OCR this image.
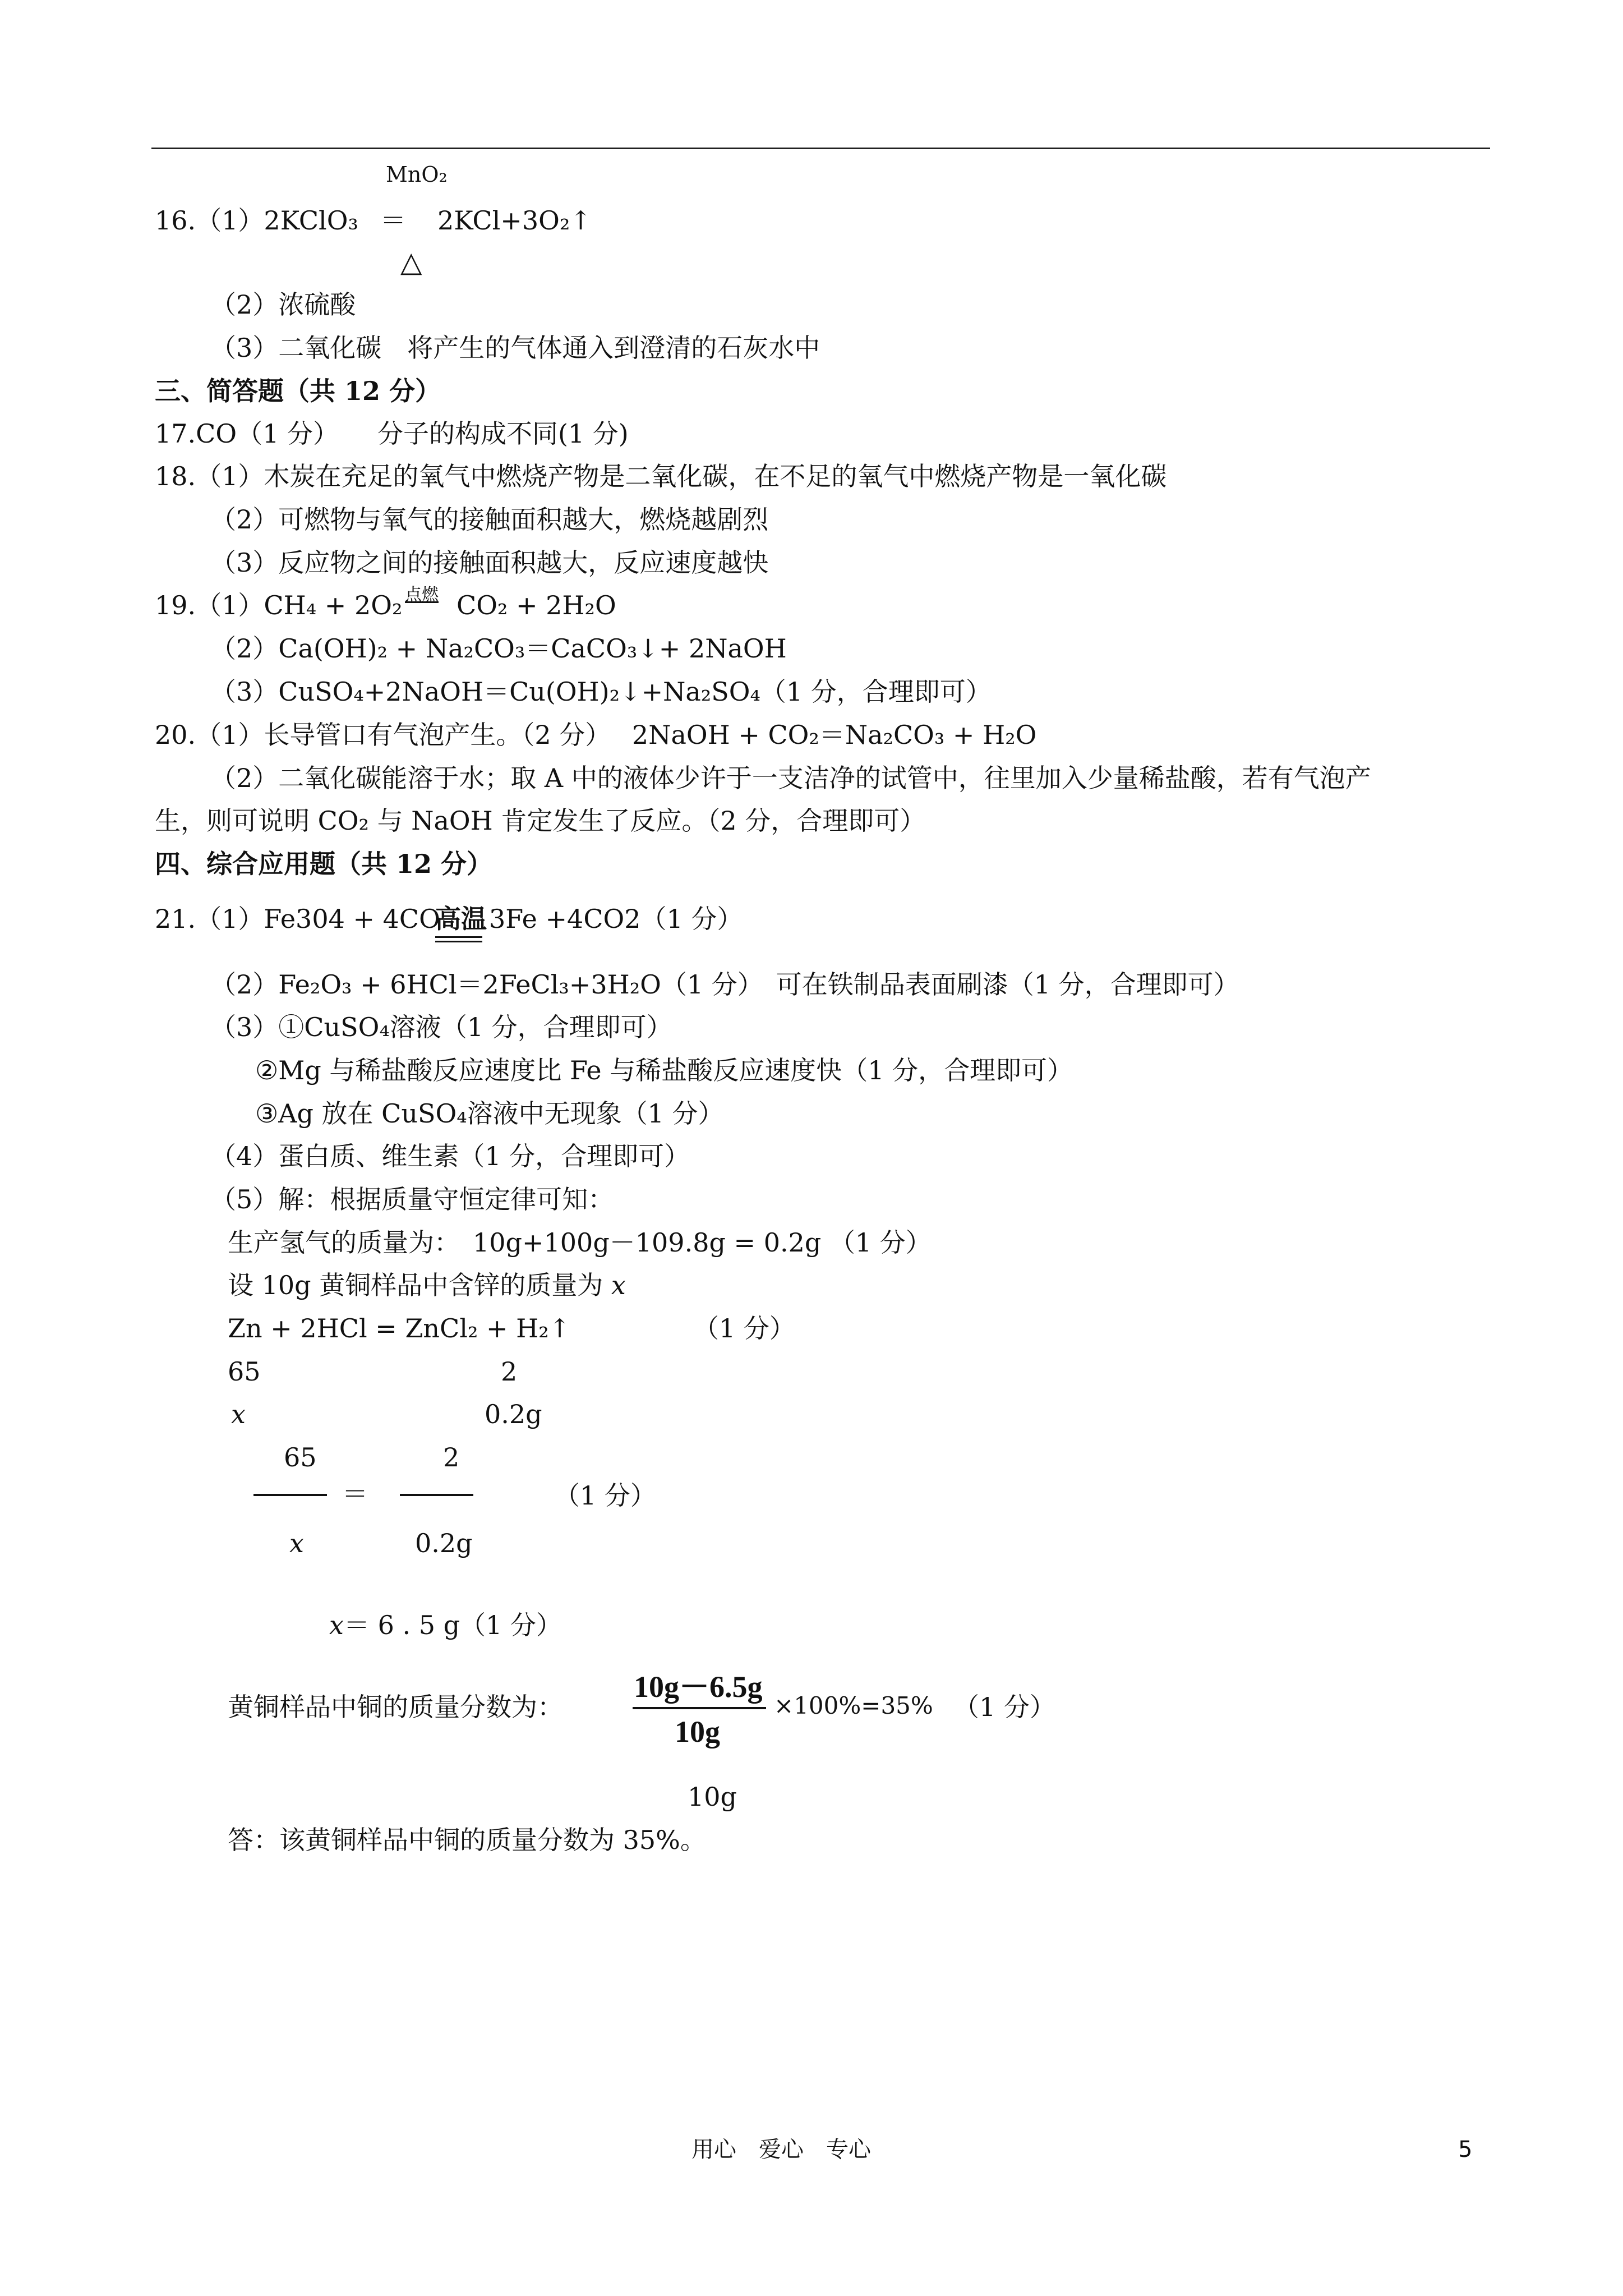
MnO₂
16.（1）2KClO₃ ＝ 2KCl+3O₂↑
△
（2）浓硫酸
（3）二氧化碳　将产生的气体通入到澄清的石灰水中
三、简答题（共 12 分）
17.CO（1 分）　　分子的构成不同(1 分)
18.（1）木炭在充足的氧气中燃烧产物是二氧化碳，在不足的氧气中燃烧产物是一氧化碳
（2）可燃物与氧气的接触面积越大，燃烧越剧烈
（3）反应物之间的接触面积越大，反应速度越快
19.（1）CH₄ + 2O₂ 点燃 CO₂ + 2H₂O
（2）Ca(OH)₂ + Na₂CO₃＝CaCO₃↓+ 2NaOH
（3）CuSO₄+2NaOH＝Cu(OH)₂↓+Na₂SO₄（1 分，合理即可）
20.（1）长导管口有气泡产生。（2 分）　 2NaOH + CO₂＝Na₂CO₃ + H₂O
（2）二氧化碳能溶于水；取 A 中的液体少许于一支洁净的试管中，往里加入少量稀盐酸，若有气泡产
生，则可说明 CO₂ 与 NaOH 肯定发生了反应。（2 分，合理即可）
四、综合应用题（共 12 分）
21.（1）Fe304 + 4CO
高温 3Fe +4CO2（1 分）
（2）Fe₂O₃ + 6HCl＝2FeCl₃+3H₂O（1 分）　可在铁制品表面刷漆（1 分，合理即可）
（3）①CuSO₄溶液（1 分，合理即可）
②Mg 与稀盐酸反应速度比 Fe 与稀盐酸反应速度快（1 分，合理即可）
③Ag 放在 CuSO₄溶液中无现象（1 分）
（4）蛋白质、维生素（1 分，合理即可）
（5）解：根据质量守恒定律可知：
生产氢气的质量为：　10g+100g－109.8g = 0.2g （1 分）
设 10g 黄铜样品中含锌的质量为 x
Zn + 2HCl = ZnCl₂ + H₂↑	（1 分）
65	2
x	0.2g
65
x
＝
2
0.2g
（1 分）
x＝ 6 . 5 g（1 分）
黄铜样品中铜的质量分数为：
10g－6.5g
10g
×100%=35% （1 分）
10g
答：该黄铜样品中铜的质量分数为 35%。
用心　爱心　专心	5
